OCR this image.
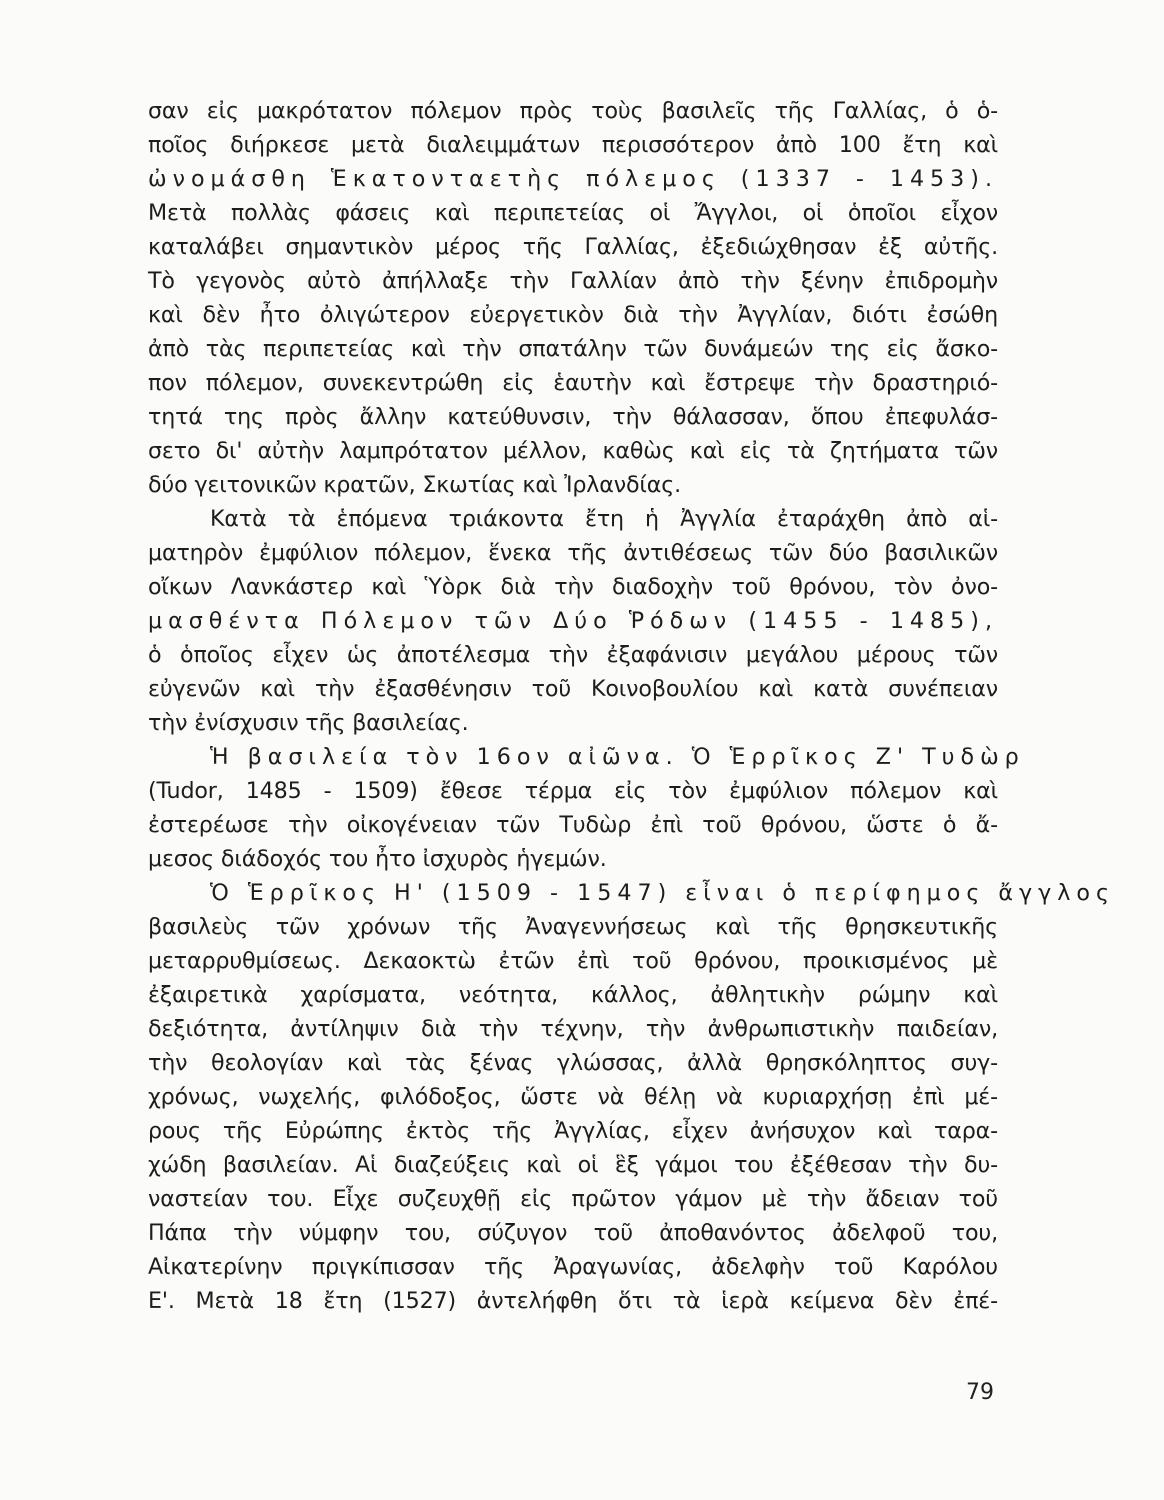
σαν εἰς μακρότατον πόλεμον πρὸς τοὺς βασιλεῖς τῆς Γαλλίας, ὁ ὁ-
ποῖος διήρκεσε μετὰ διαλειμμάτων περισσότερον ἀπὸ 100 ἔτη καὶ
ὠνομάσθη Ἑκατονταετὴς πόλεμος (1337 - 1453).
Μετὰ πολλὰς φάσεις καὶ περιπετείας οἱ Ἄγγλοι, οἱ ὁποῖοι εἶχον
καταλάβει σημαντικὸν μέρος τῆς Γαλλίας, ἐξεδιώχθησαν ἐξ αὐτῆς.
Τὸ γεγονὸς αὐτὸ ἀπήλλαξε τὴν Γαλλίαν ἀπὸ τὴν ξένην ἐπιδρομὴν
καὶ δὲν ἦτο ὀλιγώτερον εὐεργετικὸν διὰ τὴν Ἀγγλίαν, διότι ἐσώθη
ἀπὸ τὰς περιπετείας καὶ τὴν σπατάλην τῶν δυνάμεών της εἰς ἄσκο-
πον πόλεμον, συνεκεντρώθη εἰς ἑαυτὴν καὶ ἔστρεψε τὴν δραστηριό-
τητά της πρὸς ἄλλην κατεύθυνσιν, τὴν θάλασσαν, ὅπου ἐπεφυλάσ-
σετο δι' αὐτὴν λαμπρότατον μέλλον, καθὼς καὶ εἰς τὰ ζητήματα τῶν
δύο γειτονικῶν κρατῶν, Σκωτίας καὶ Ἰρλανδίας.
Κατὰ τὰ ἑπόμενα τριάκοντα ἔτη ἡ Ἀγγλία ἐταράχθη ἀπὸ αἱ-
ματηρὸν ἐμφύλιον πόλεμον, ἕνεκα τῆς ἀντιθέσεως τῶν δύο βασιλικῶν
οἴκων Λανκάστερ καὶ Ὑὸρκ διὰ τὴν διαδοχὴν τοῦ θρόνου, τὸν ὀνο-
μασθέντα Πόλεμον τῶν Δύο Ῥόδων (1455 - 1485),
ὁ ὁποῖος εἶχεν ὡς ἀποτέλεσμα τὴν ἐξαφάνισιν μεγάλου μέρους τῶν
εὐγενῶν καὶ τὴν ἐξασθένησιν τοῦ Κοινοβουλίου καὶ κατὰ συνέπειαν
τὴν ἐνίσχυσιν τῆς βασιλείας.
Ἡ βασιλεία τὸν 16ον αἰῶνα. Ὁ Ἑρρῖκος Ζ' Τυδὼρ
(Tudor, 1485 - 1509) ἔθεσε τέρμα εἰς τὸν ἐμφύλιον πόλεμον καὶ
ἐστερέωσε τὴν οἰκογένειαν τῶν Τυδὼρ ἐπὶ τοῦ θρόνου, ὥστε ὁ ἄ-
μεσος διάδοχός του ἦτο ἰσχυρὸς ἡγεμών.
Ὁ Ἑρρῖκος Η' (1509 - 1547) εἶναι ὁ περίφημος ἄγγλος
βασιλεὺς τῶν χρόνων τῆς Ἀναγεννήσεως καὶ τῆς θρησκευτικῆς
μεταρρυθμίσεως. Δεκαοκτὼ ἐτῶν ἐπὶ τοῦ θρόνου, προικισμένος μὲ
ἐξαιρετικὰ χαρίσματα, νεότητα, κάλλος, ἀθλητικὴν ρώμην καὶ
δεξιότητα, ἀντίληψιν διὰ τὴν τέχνην, τὴν ἀνθρωπιστικὴν παιδείαν,
τὴν θεολογίαν καὶ τὰς ξένας γλώσσας, ἀλλὰ θρησκόληπτος συγ-
χρόνως, νωχελής, φιλόδοξος, ὥστε νὰ θέλῃ νὰ κυριαρχήσῃ ἐπὶ μέ-
ρους τῆς Εὐρώπης ἐκτὸς τῆς Ἀγγλίας, εἶχεν ἀνήσυχον καὶ ταρα-
χώδη βασιλείαν. Αἱ διαζεύξεις καὶ οἱ ἓξ γάμοι του ἐξέθεσαν τὴν δυ-
ναστείαν του. Εἶχε συζευχθῇ εἰς πρῶτον γάμον μὲ τὴν ἄδειαν τοῦ
Πάπα τὴν νύμφην του, σύζυγον τοῦ ἀποθανόντος ἀδελφοῦ του,
Αἰκατερίνην πριγκίπισσαν τῆς Ἀραγωνίας, ἀδελφὴν τοῦ Καρόλου
Ε'. Μετὰ 18 ἔτη (1527) ἀντελήφθη ὅτι τὰ ἱερὰ κείμενα δὲν ἐπέ-
79
